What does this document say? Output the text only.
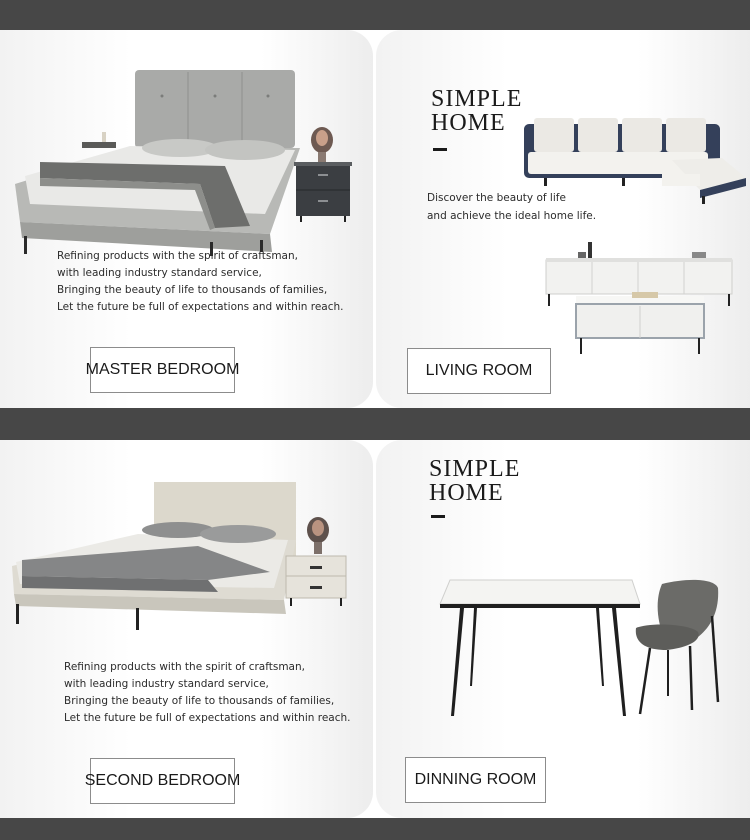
Refining products with the spirit of craftsman,
with leading industry standard service,
Bringing the beauty of life to thousands of families,
Let the future be full of expectations and within reach.
MASTER BEDROOM
SIMPLE
HOME
Discover the beauty of life
and achieve the ideal home life.
LIVING ROOM
Refining products with the spirit of craftsman,
with leading industry standard service,
Bringing the beauty of life to thousands of families,
Let the future be full of expectations and within reach.
SECOND BEDROOM
SIMPLE
HOME
DINNING ROOM
